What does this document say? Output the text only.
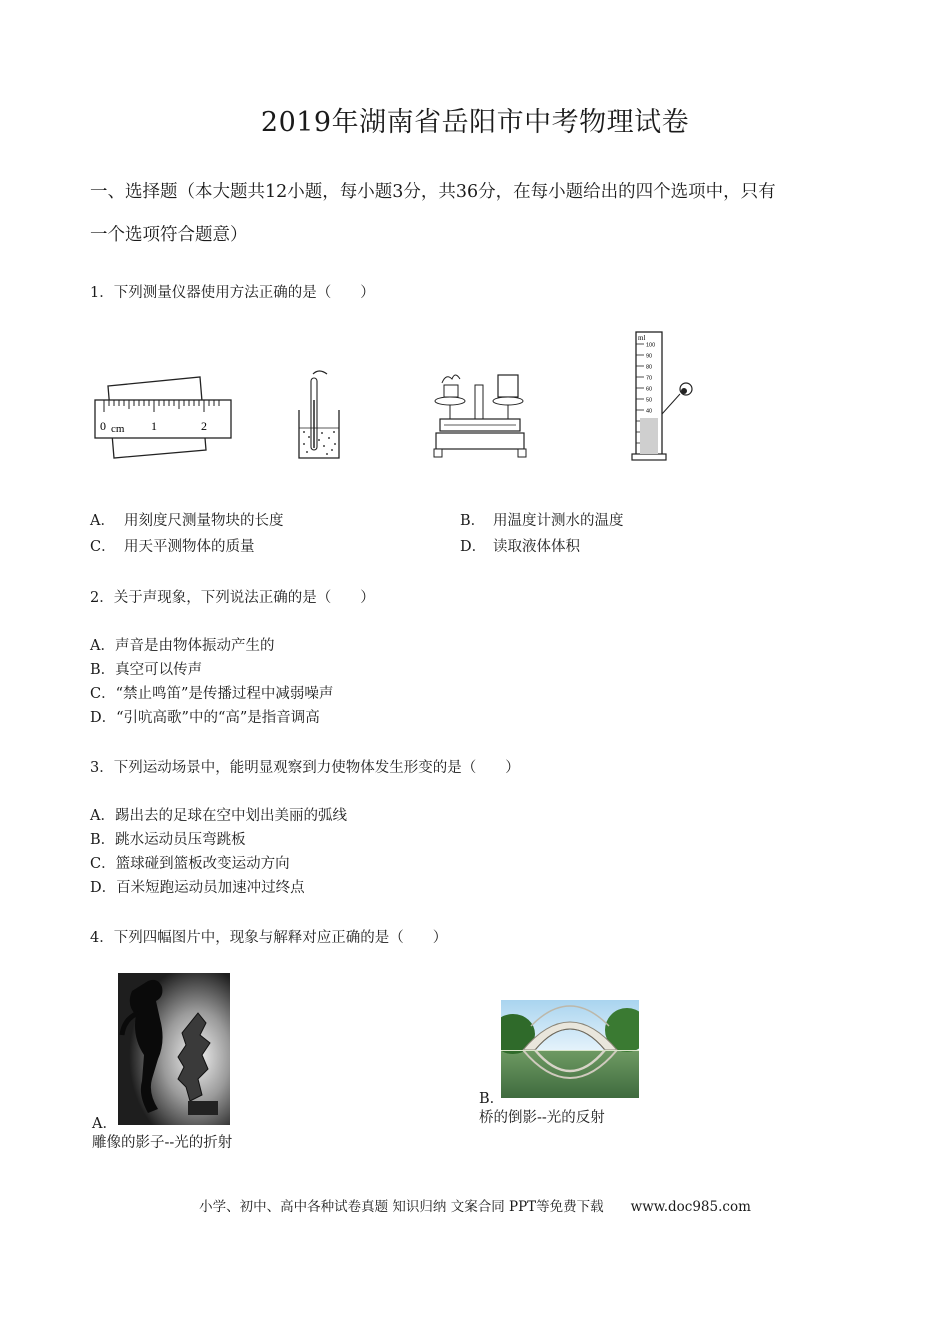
2019年湖南省岳阳市中考物理试卷
一、选择题（本大题共12小题，每小题3分，共36分，在每小题给出的四个选项中，只有
一个选项符合题意）
1．下列测量仪器使用方法正确的是（　　）
0 cm 1	2
ml
100
90
80
70
60
50
40
A． 用刻度尺测量物块的长度	B． 用温度计测水的温度
C． 用天平测物体的质量	D． 读取液体体积
2．关于声现象，下列说法正确的是（　　）
A．声音是由物体振动产生的
B．真空可以传声
C．“禁止鸣笛”是传播过程中减弱噪声
D．“引吭高歌”中的“高”是指音调高
3．下列运动场景中，能明显观察到力使物体发生形变的是（　　）
A．踢出去的足球在空中划出美丽的弧线
B．跳水运动员压弯跳板
C．篮球碰到篮板改变运动方向
D．百米短跑运动员加速冲过终点
4．下列四幅图片中，现象与解释对应正确的是（　　）
A．
雕像的影子--光的折射
B．
桥的倒影--光的反射
小学、初中、高中各种试卷真题 知识归纳 文案合同 PPT等免费下载　　www.doc985.com
